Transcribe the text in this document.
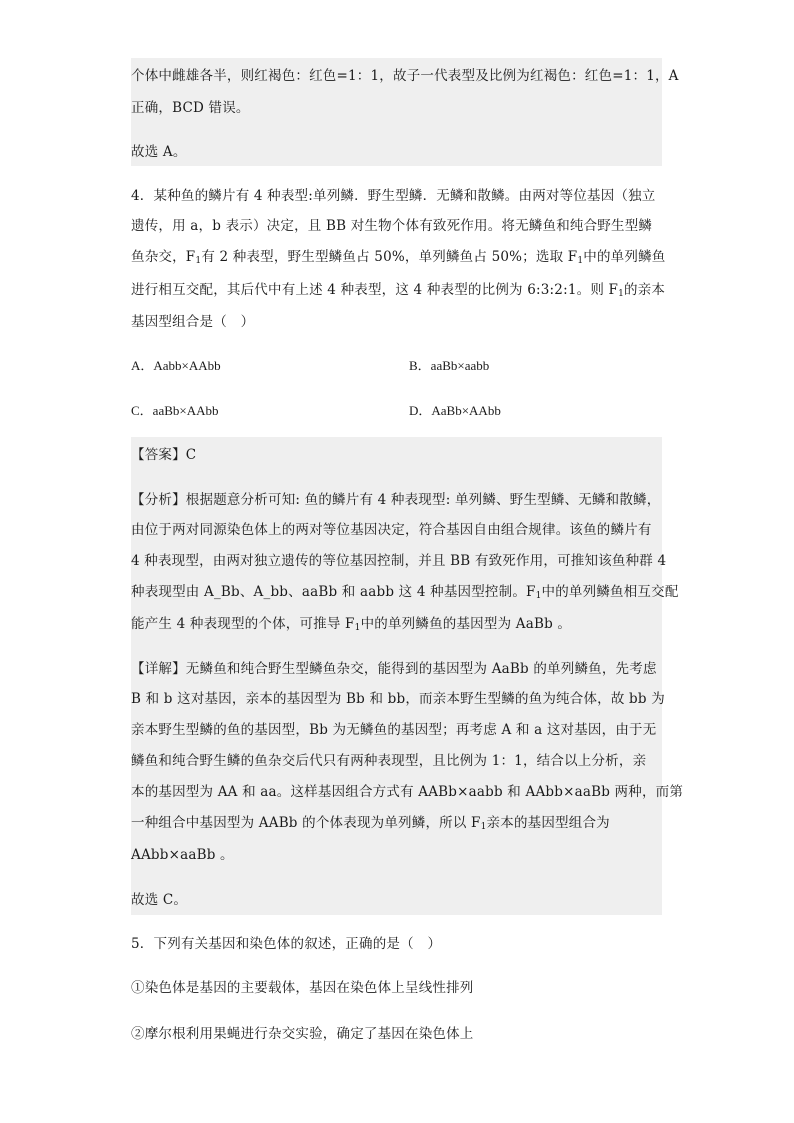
个体中雌雄各半，则红褐色：红色=1：1，故子一代表型及比例为红褐色：红色=1：1，A
正确，BCD 错误。
故选 A。
4．某种鱼的鳞片有 4 种表型:单列鳞．野生型鳞．无鳞和散鳞。由两对等位基因（独立
遗传，用 a，b 表示）决定，且 BB 对生物个体有致死作用。将无鳞鱼和纯合野生型鳞
鱼杂交，$F_1$有 2 种表型，野生型鳞鱼占 50%，单列鳞鱼占 50%；选取 $F_1$中的单列鳞鱼
进行相互交配，其后代中有上述 4 种表型，这 4 种表型的比例为 6:3:2:1。则 $F_1$的亲本
基因型组合是（　）
A．Aabb×AAbb	B．aaBb×aabb
C．aaBb×AAbb	D．AaBb×AAbb
【答案】C
【分析】根据题意分析可知: 鱼的鳞片有 4 种表现型: 单列鳞、野生型鳞、无鳞和散鳞，
由位于两对同源染色体上的两对等位基因决定，符合基因自由组合规律。该鱼的鳞片有
4 种表现型，由两对独立遗传的等位基因控制，并且 BB 有致死作用，可推知该鱼种群 4
种表现型由 A_Bb、A_bb、aaBb 和 aabb 这 4 种基因型控制。$F_1$中的单列鳞鱼相互交配
能产生 4 种表现型的个体，可推导 $F_1$中的单列鳞鱼的基因型为 AaBb 。
【详解】无鳞鱼和纯合野生型鳞鱼杂交，能得到的基因型为 AaBb 的单列鳞鱼，先考虑
B 和 b 这对基因，亲本的基因型为 Bb 和 bb，而亲本野生型鳞的鱼为纯合体，故 bb 为
亲本野生型鳞的鱼的基因型，Bb 为无鳞鱼的基因型；再考虑 A 和 a 这对基因，由于无
鳞鱼和纯合野生鳞的鱼杂交后代只有两种表现型，且比例为 1：1，结合以上分析，亲
本的基因型为 AA 和 aa。这样基因组合方式有 AABb×aabb 和 AAbb×aaBb 两种，而第
一种组合中基因型为 AABb 的个体表现为单列鳞，所以 $F_1$亲本的基因型组合为
AAbb×aaBb 。
故选 C。
5．下列有关基因和染色体的叙述，正确的是（　）
①染色体是基因的主要载体，基因在染色体上呈线性排列
②摩尔根利用果蝇进行杂交实验，确定了基因在染色体上
